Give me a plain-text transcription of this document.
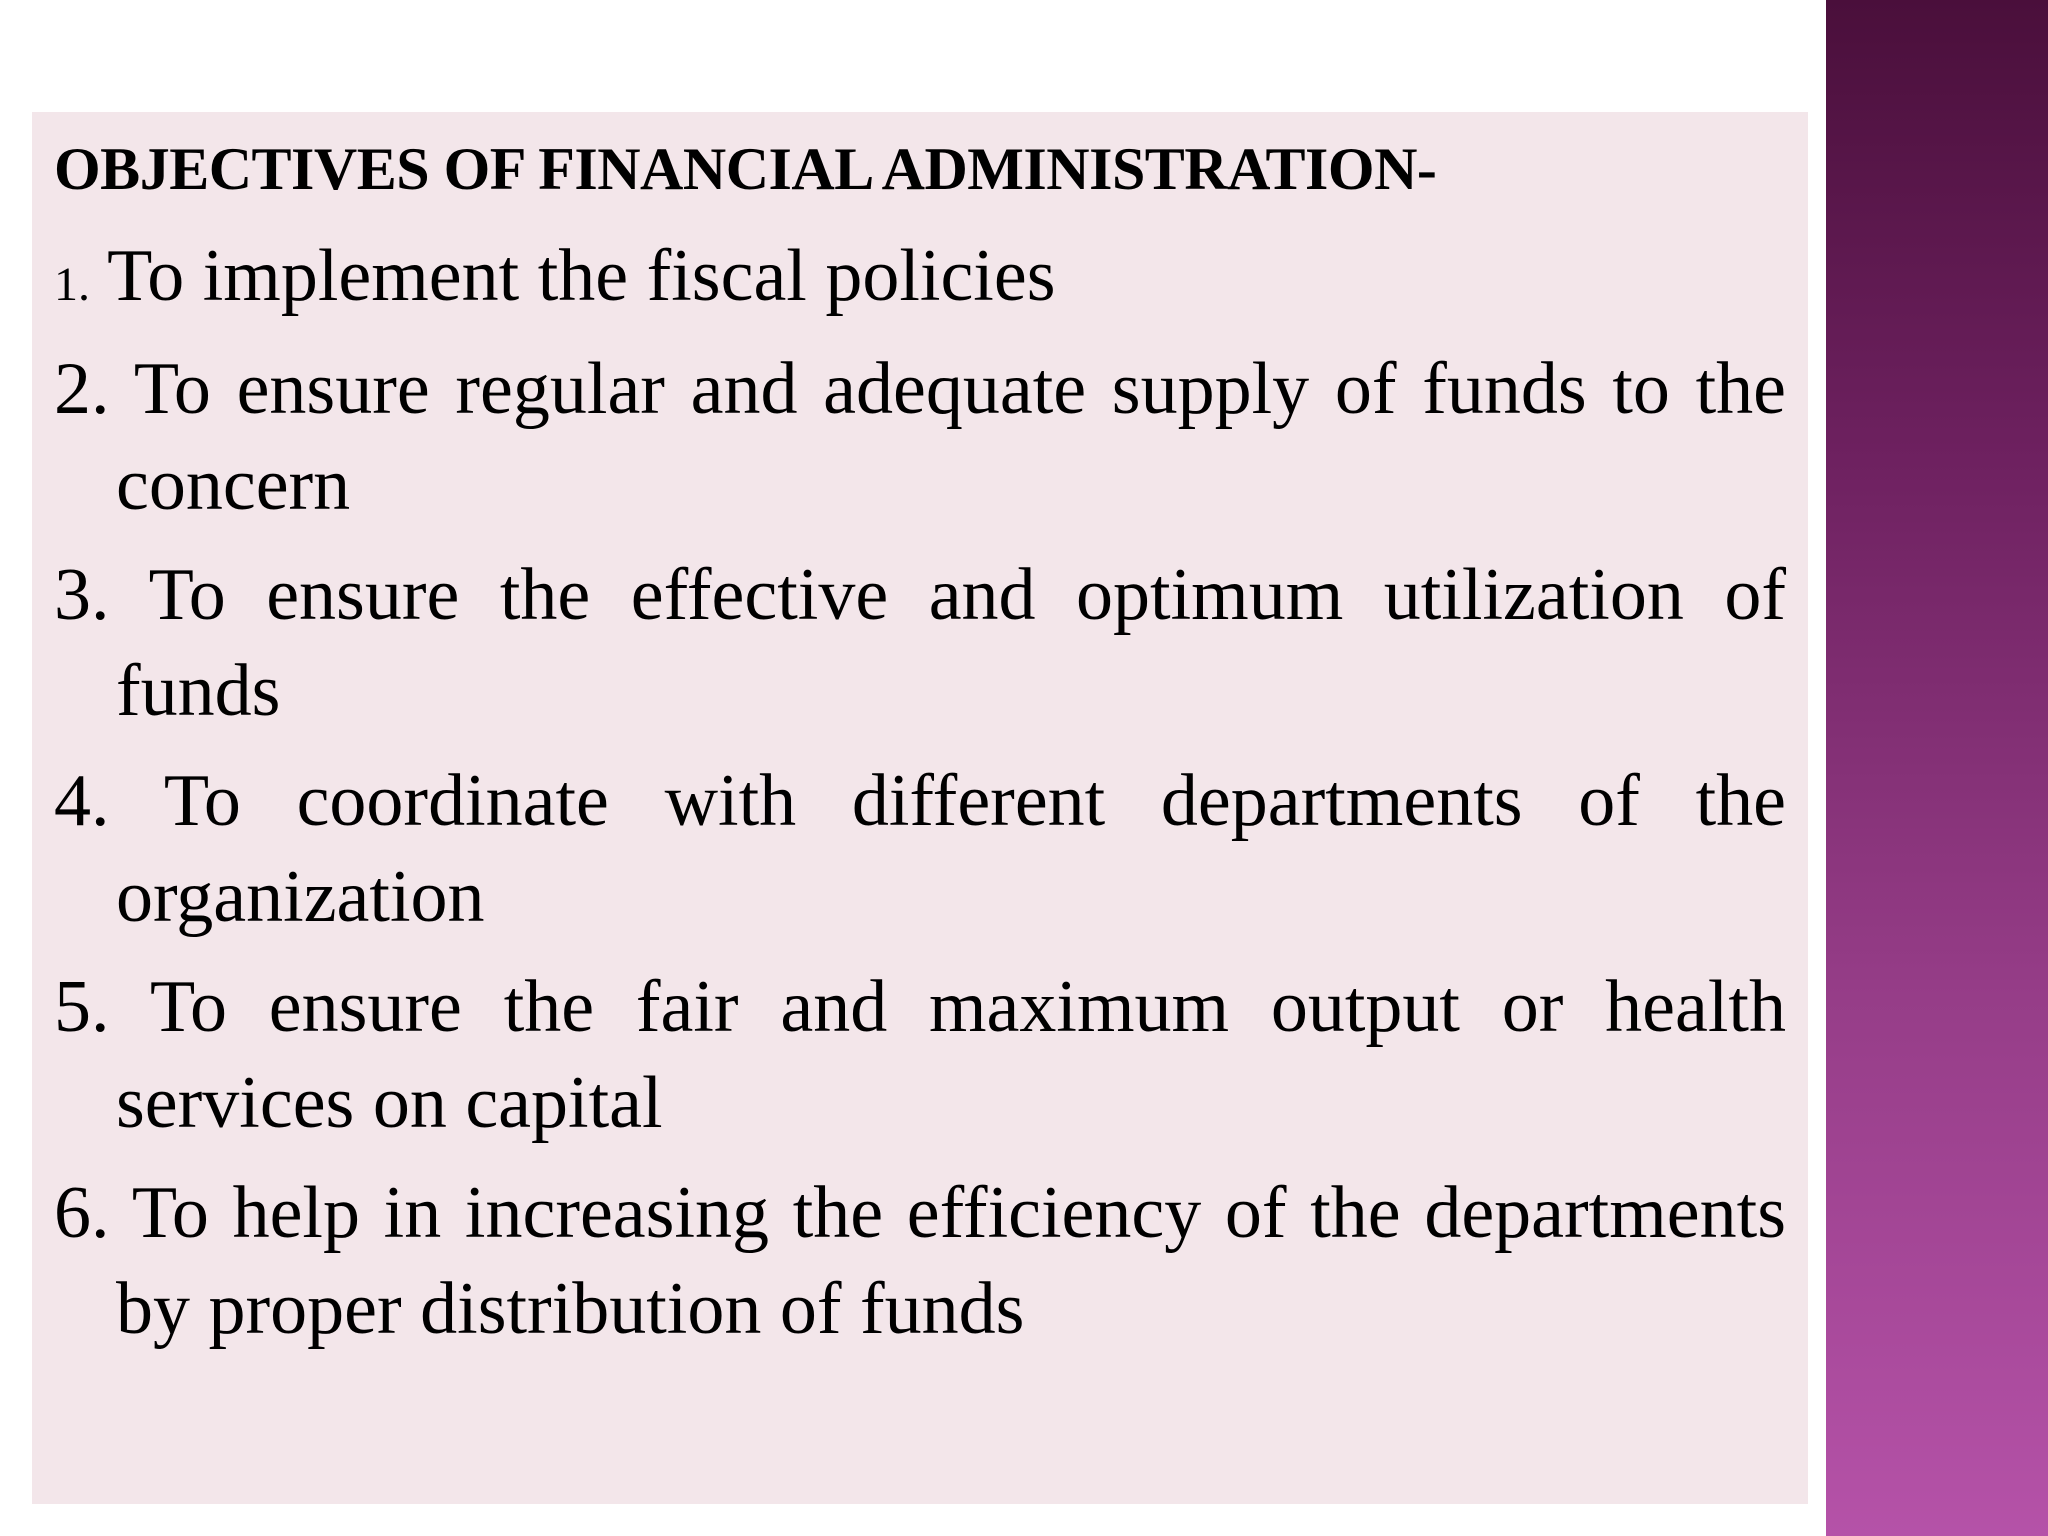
OBJECTIVES OF FINANCIAL ADMINISTRATION-
1. To implement the fiscal policies
2. To ensure regular and adequate supply of funds to the concern
3. To ensure the effective and optimum utilization of funds
4. To coordinate with different departments of the organization
5. To ensure the fair and maximum output or health services on capital
6. To help in increasing the efficiency of the departments by proper distribution of funds
